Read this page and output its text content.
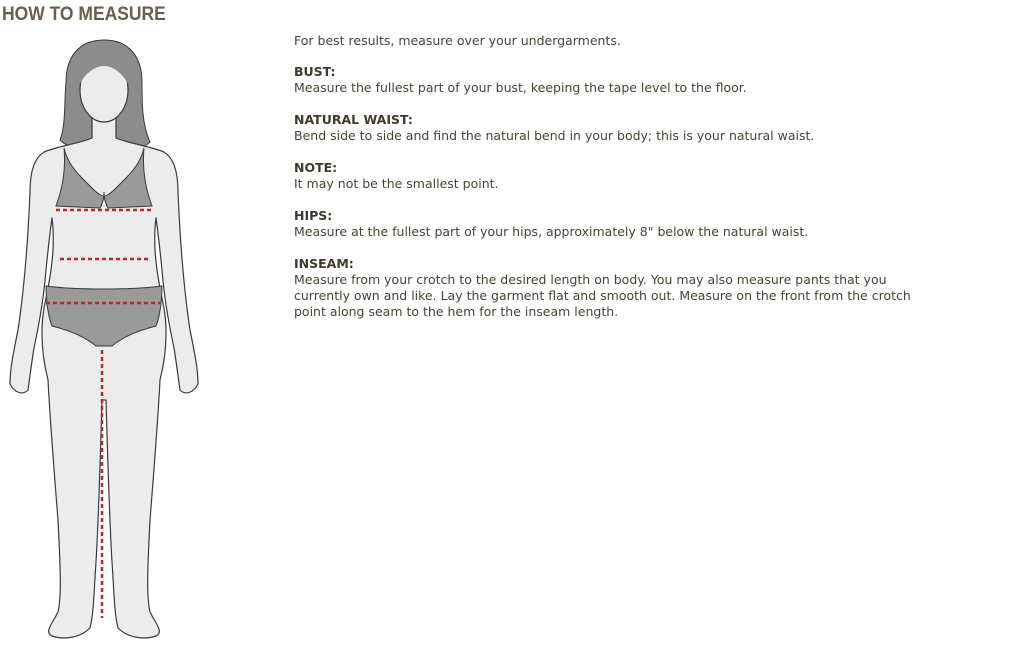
HOW TO MEASURE

For best results, measure over your undergarments.

BUST:
Measure the fullest part of your bust, keeping the tape level to the floor.
NATURAL WAIST:
Bend side to side and find the natural bend in your body; this is your natural waist.
NOTE:
It may not be the smallest point.
HIPS:
Measure at the fullest part of your hips, approximately 8" below the natural waist.
INSEAM:
Measure from your crotch to the desired length on body. You may also measure pants that you currently own and like. Lay the garment flat and smooth out. Measure on the front from the crotch point along seam to the hem for the inseam length.
